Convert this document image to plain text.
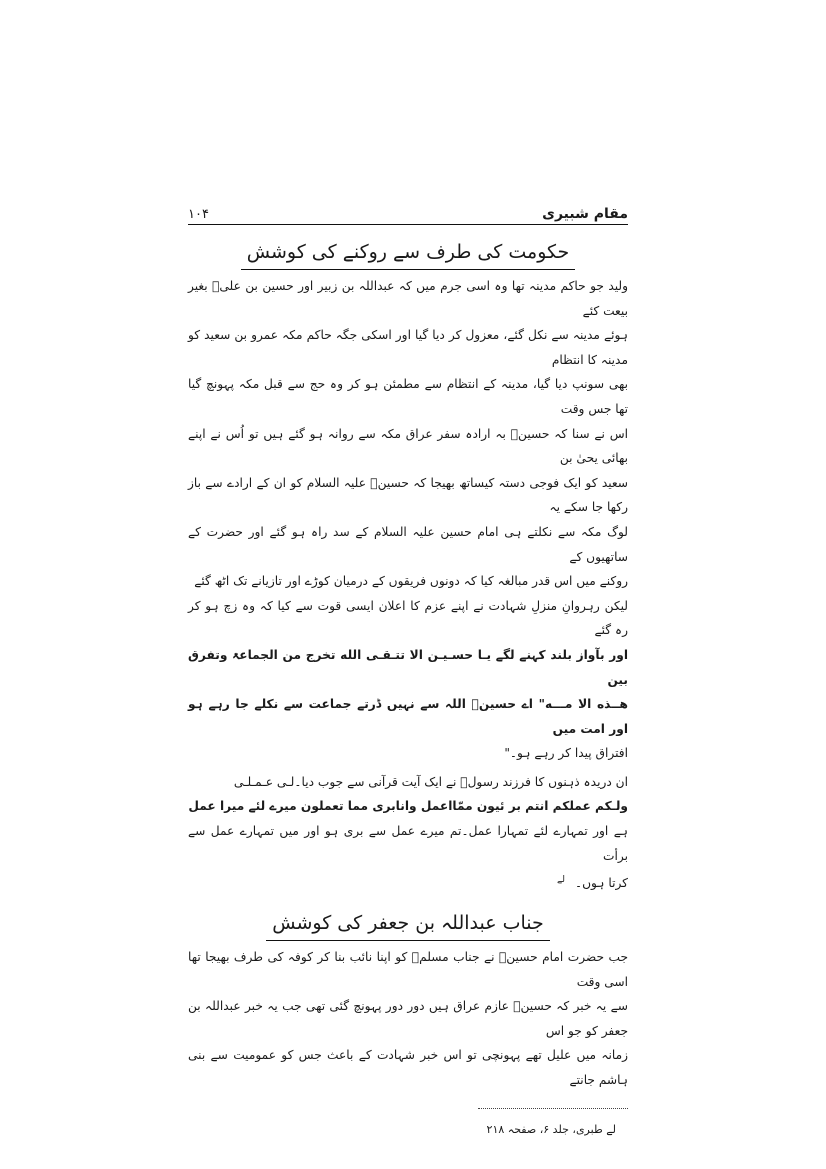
مقام شبیری
۱۰۴
حکومت کی طرف سے روکنے کی کوشش

ولید جو حاکم مدینہ تھا وہ اسی جرم میں کہ عبداللہ بن زبیر اور حسین بن علیؑ بغیر بیعت کئے

ہوئے مدینہ سے نکل گئے، معزول کر دیا گیا اور اسکی جگہ حاکم مکہ عمرو بن سعید کو مدینہ کا انتظام

بھی سونپ دیا گیا، مدینہ کے انتظام سے مطمئن ہو کر وہ حج سے قبل مکہ پہونچ گیا تھا جس وقت

اس نے سنا کہ حسینؑ بہ ارادہ سفر عراق مکہ سے روانہ ہو گئے ہیں تو اُس نے اپنے بھائی یحیٰ بن

سعید کو ایک فوجی دستہ کیساتھ بھیجا کہ حسینؑ علیہ السلام کو ان کے ارادے سے باز رکھا جا سکے یہ

لوگ مکہ سے نکلتے ہی امام حسین علیہ السلام کے سد راہ ہو گئے اور حضرت کے ساتھیوں کے

روکنے میں اس قدر مبالغہ کیا کہ دونوں فریقوں کے درمیان کوڑے اور تازیانے تک اٹھ گئے

لیکن رہروانِ منزلِ شہادت نے اپنے عزم کا اعلان ایسی قوت سے کیا کہ وہ زچ ہو کر رہ گئے

اور بآواز بلند کہنے لگے یـا حسـیـن الا تتـقـی الله تخرج من الجماعۃ وتفرق بین

هــذه الا مـــه" اے حسینؑ اللہ سے نہیں ڈرتے جماعت سے نکلے جا رہے ہو اور امت میں

افتراق پیدا کر رہے ہو۔"

ان دریدہ ذہنوں کا فرزند رسولؐ نے ایک آیت قرآنی سے جوب دیا۔لـی عـمـلـی

ولـکم عملکم انتم بر ئیون ممّااعمل وانابری مما تعملون میرے لئے میرا عمل

ہے اور تمہارے لئے تمہارا عمل۔تم میرے عمل سے بری ہو اور میں تمہارے عمل سے برأت

کرتا ہوں۔$^{لے}$

جناب عبداللہ بن جعفر کی کوشش

جب حضرت امام حسینؑ نے جناب مسلمؑ کو اپنا نائب بنا کر کوفہ کی طرف بھیجا تھا اسی وقت

سے یہ خبر کہ حسینؑ عازم عراق ہیں دور دور پہونچ گئی تھی جب یہ خبر عبداللہ بن جعفر کو جو اس

زمانہ میں علیل تھے پہونچی تو اس خبر شہادت کے باعث جس کو عمومیت سے بنی ہاشم جانتے

لے طبری، جلد ۶، صفحہ ۲۱۸
